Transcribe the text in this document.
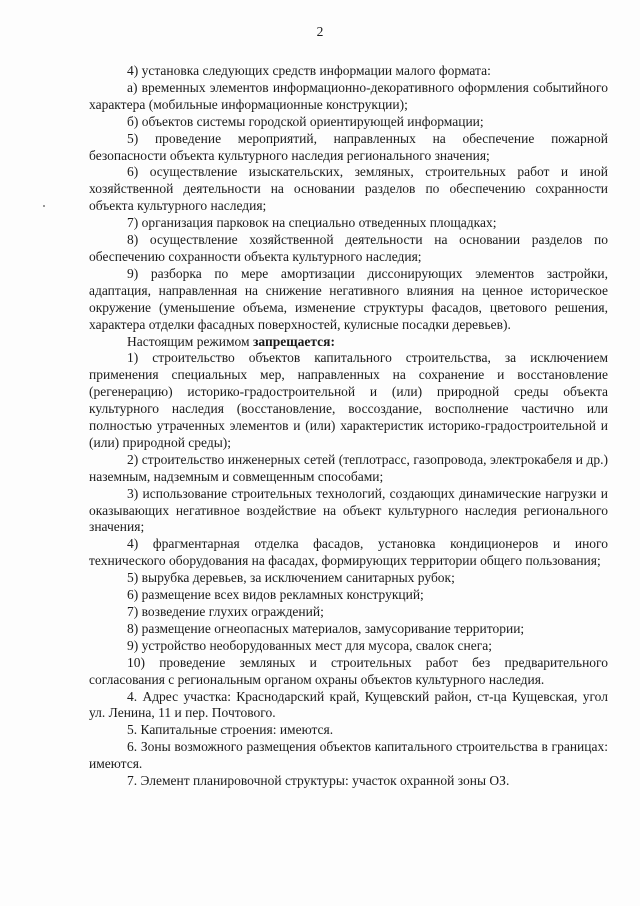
2

4) установка следующих средств информации малого формата:

а) временных элементов информационно-декоративного оформления событийного характера (мобильные информационные конструкции);

б) объектов системы городской ориентирующей информации;

5) проведение мероприятий, направленных на обеспечение пожарной безопасности объекта культурного наследия регионального значения;

6) осуществление изыскательских, земляных, строительных работ и иной хозяйственной деятельности на основании разделов по обеспечению сохранности объекта культурного наследия;

7) организация парковок на специально отведенных площадках;

8) осуществление хозяйственной деятельности на основании разделов по обеспечению сохранности объекта культурного наследия;

9) разборка по мере амортизации диссонирующих элементов застройки, адаптация, направленная на снижение негативного влияния на ценное историческое окружение (уменьшение объема, изменение структуры фасадов, цветового решения, характера отделки фасадных поверхностей, кулисные посадки деревьев).

Настоящим режимом запрещается:

1) строительство объектов капитального строительства, за исключением применения специальных мер, направленных на сохранение и восстановление (регенерацию) историко-градостроительной и (или) природной среды объекта культурного наследия (восстановление, воссоздание, восполнение частично или полностью утраченных элементов и (или) характеристик историко-градостроительной и (или) природной среды);

2) строительство инженерных сетей (теплотрасс, газопровода, электрокабеля и др.) наземным, надземным и совмещенным способами;

3) использование строительных технологий, создающих динамические нагрузки и оказывающих негативное воздействие на объект культурного наследия регионального значения;

4) фрагментарная отделка фасадов, установка кондиционеров и иного технического оборудования на фасадах, формирующих территории общего пользования;

5) вырубка деревьев, за исключением санитарных рубок;

6) размещение всех видов рекламных конструкций;

7) возведение глухих ограждений;

8) размещение огнеопасных материалов, замусоривание территории;

9) устройство необорудованных мест для мусора, свалок снега;

10) проведение земляных и строительных работ без предварительного согласования с региональным органом охраны объектов культурного наследия.

4. Адрес участка: Краснодарский край, Кущевский район, ст-ца Кущевская, угол ул. Ленина, 11 и пер. Почтового.

5. Капитальные строения: имеются.

6. Зоны возможного размещения объектов капитального строительства в границах: имеются.

7. Элемент планировочной структуры: участок охранной зоны ОЗ.
